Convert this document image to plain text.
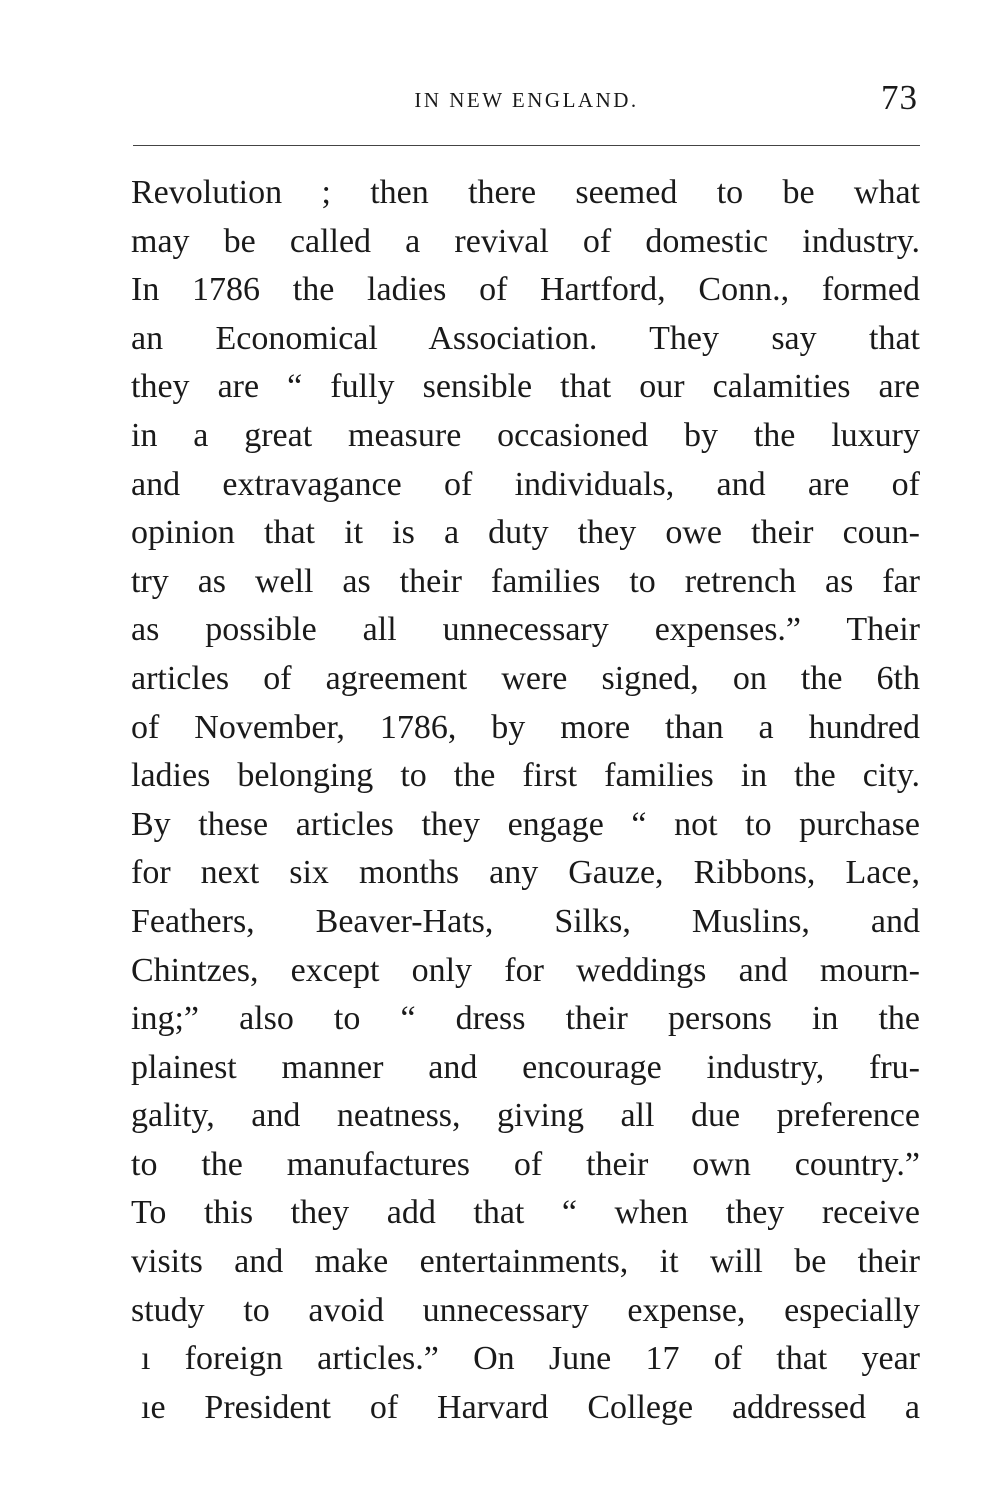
IN NEW ENGLAND.	73
Revolution ; then there seemed to be what
may be called a revival of domestic industry.
In 1786 the ladies of Hartford, Conn., formed
an Economical Association. They say that
they are “ fully sensible that our calamities are
in a great measure occasioned by the luxury
and extravagance of individuals, and are of
opinion that it is a duty they owe their coun-
try as well as their families to retrench as far
as possible all unnecessary expenses.” Their
articles of agreement were signed, on the 6th
of November, 1786, by more than a hundred
ladies belonging to the first families in the city.
By these articles they engage “ not to purchase
for next six months any Gauze, Ribbons, Lace,
Feathers, Beaver-Hats, Silks, Muslins, and
Chintzes, except only for weddings and mourn-
ing;” also to “ dress their persons in the
plainest manner and encourage industry, fru-
gality, and neatness, giving all due preference
to the manufactures of their own country.”
To this they add that “ when they receive
visits and make entertainments, it will be their
study to avoid unnecessary expense, especially
ı foreign articles.” On June 17 of that year
ıe President of Harvard College addressed a
